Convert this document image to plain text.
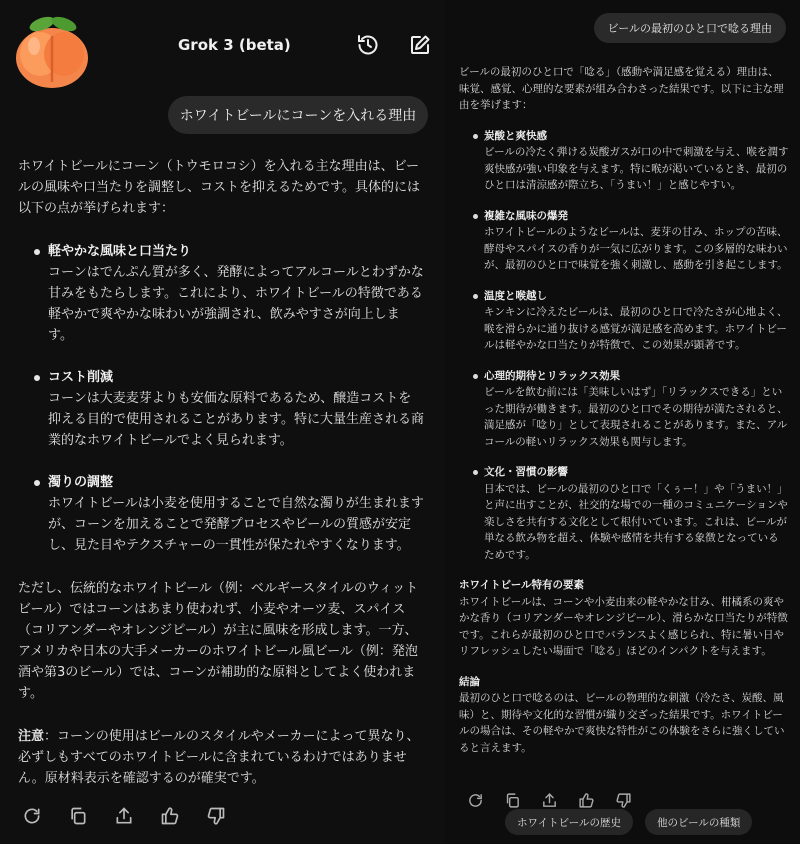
Grok 3 (beta)
ホワイトビールにコーンを入れる理由

ホワイトビールにコーン（トウモロコシ）を入れる主な理由は、ビールの風味や口当たりを調整し、コストを抑えるためです。具体的には以下の点が挙げられます：

軽やかな風味と口当たり
コーンはでんぷん質が多く、発酵によってアルコールとわずかな甘みをもたらします。これにより、ホワイトビールの特徴である軽やかで爽やかな味わいが強調され、飲みやすさが向上します。
コスト削減
コーンは大麦麦芽よりも安価な原料であるため、醸造コストを抑える目的で使用されることがあります。特に大量生産される商業的なホワイトビールでよく見られます。
濁りの調整
ホワイトビールは小麦を使用することで自然な濁りが生まれますが、コーンを加えることで発酵プロセスやビールの質感が安定し、見た目やテクスチャーの一貫性が保たれやすくなります。

ただし、伝統的なホワイトビール（例：ベルギースタイルのウィットビール）ではコーンはあまり使われず、小麦やオーツ麦、スパイス（コリアンダーやオレンジピール）が主に風味を形成します。一方、アメリカや日本の大手メーカーのホワイトビール風ビール（例：発泡酒や第3のビール）では、コーンが補助的な原料としてよく使われます。

注意：コーンの使用はビールのスタイルやメーカーによって異なり、必ずしもすべてのホワイトビールに含まれているわけではありません。原材料表示を確認するのが確実です。

ビールの最初のひと口で唸る理由

ビールの最初のひと口で「唸る」（感動や満足感を覚える）理由は、味覚、感覚、心理的な要素が組み合わさった結果です。以下に主な理由を挙げます：

炭酸と爽快感
ビールの冷たく弾ける炭酸ガスが口の中で刺激を与え、喉を潤す爽快感が強い印象を与えます。特に喉が渇いているとき、最初のひと口は清涼感が際立ち、「うまい！」と感じやすい。
複雑な風味の爆発
ホワイトビールのようなビールは、麦芽の甘み、ホップの苦味、酵母やスパイスの香りが一気に広がります。この多層的な味わいが、最初のひと口で味覚を強く刺激し、感動を引き起こします。
温度と喉越し
キンキンに冷えたビールは、最初のひと口で冷たさが心地よく、喉を滑らかに通り抜ける感覚が満足感を高めます。ホワイトビールは軽やかな口当たりが特徴で、この効果が顕著です。
心理的期待とリラックス効果
ビールを飲む前には「美味しいはず」「リラックスできる」といった期待が働きます。最初のひと口でその期待が満たされると、満足感が「唸り」として表現されることがあります。また、アルコールの軽いリラックス効果も関与します。
文化・習慣の影響
日本では、ビールの最初のひと口で「くぅー！」や「うまい！」と声に出すことが、社交的な場での一種のコミュニケーションや楽しさを共有する文化として根付いています。これは、ビールが単なる飲み物を超え、体験や感情を共有する象徴となっているためです。
ホワイトビール特有の要素

ホワイトビールは、コーンや小麦由来の軽やかな甘み、柑橘系の爽やかな香り（コリアンダーやオレンジピール）、滑らかな口当たりが特徴です。これらが最初のひと口でバランスよく感じられ、特に暑い日やリフレッシュしたい場面で「唸る」ほどのインパクトを与えます。

結論

最初のひと口で唸るのは、ビールの物理的な刺激（冷たさ、炭酸、風味）と、期待や文化的な習慣が織り交ざった結果です。ホワイトビールの場合は、その軽やかで爽快な特性がこの体験をさらに強くしていると言えます。

ホワイトビールの歴史	他のビールの種類
